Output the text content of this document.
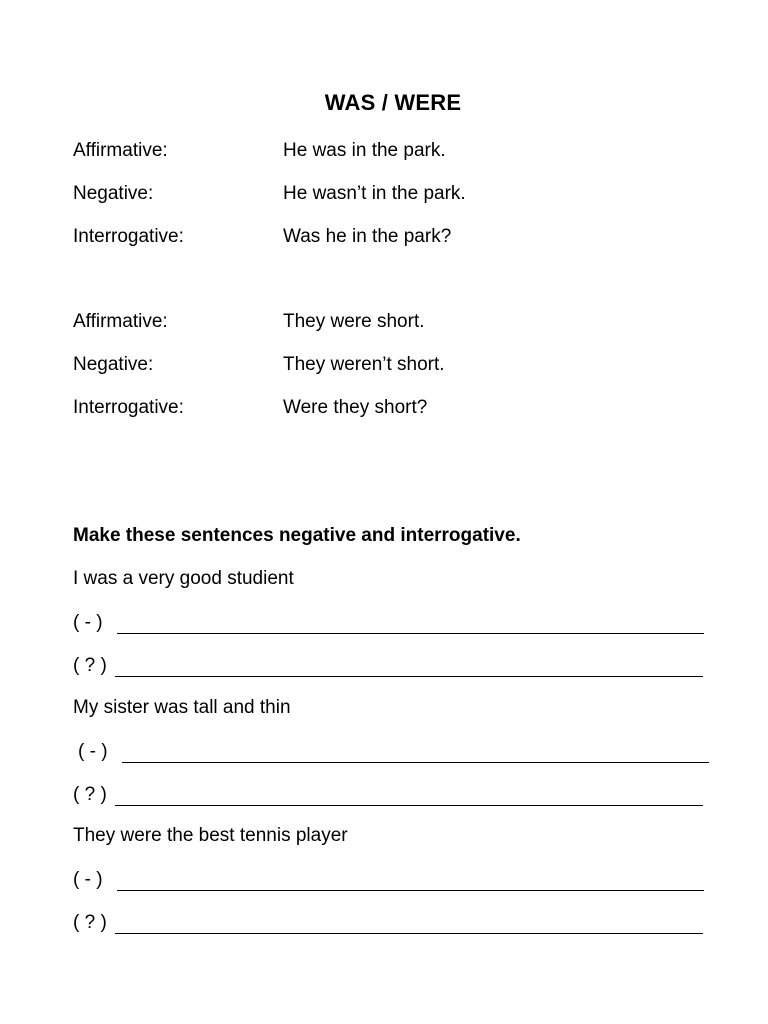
WAS / WERE
Affirmative:	He was in the park.
Negative:	He wasn’t in the park.
Interrogative:	Was he in the park?
Affirmative:	They were short.
Negative:	They weren’t short.
Interrogative:	Were they short?
Make these sentences negative and interrogative.
I was a very good studient
( - )
( ? )
My sister was tall and thin
( - )
( ? )
They were the best tennis player
( - )
( ? )
